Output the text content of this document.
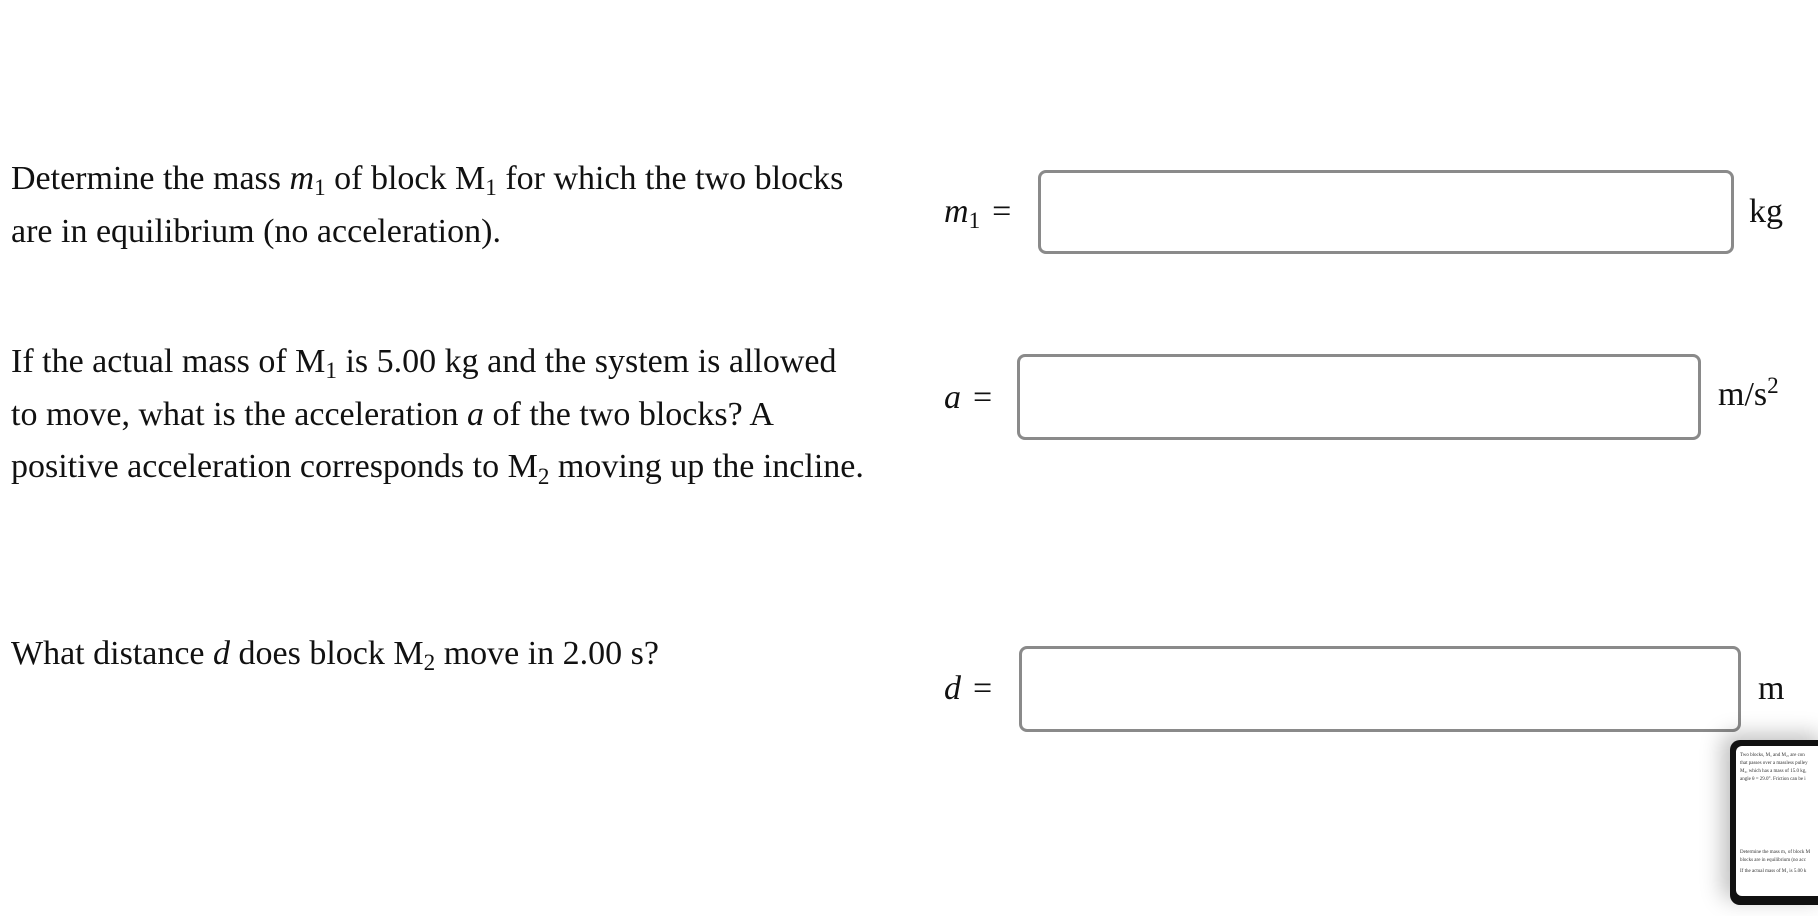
Determine the mass m1 of block M1 for which the two blocks are in equilibrium (no acceleration).
m1 =	kg
If the actual mass of M1 is 5.00 kg and the system is allowed to move, what is the acceleration a of the two blocks? A positive acceleration corresponds to M2 moving up the incline.
a =	$m/s^2$
What distance d does block M2 move in 2.00 s?
d =	m
Two blocks, M₁ and M₂, are con
that passes over a massless pulley
M₂, which has a mass of 15.0 kg,
angle θ = 29.0°. Friction can be i
Determine the mass m₁ of block M
blocks are in equilibrium (no acc
If the actual mass of M₁ is 5.00 k
